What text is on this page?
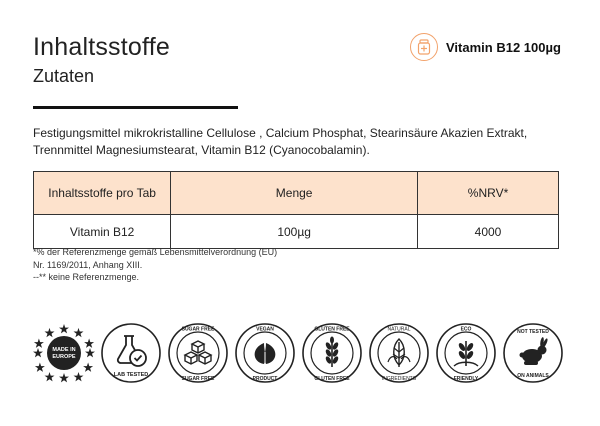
Inhaltsstoffe
Zutaten
Vitamin B12 100µg
Festigungsmittel mikrokristalline Cellulose , Calcium Phosphat, Stearinsäure Akazien Extrakt, Trennmittel Magnesiumstearat, Vitamin B12 (Cyanocobalamin).
Inhaltsstoffe pro Tab	Menge	%NRV*
Vitamin B12	100µg	4000
*% der Referenzmenge gemäß Lebensmittelverordnung (EU)
Nr. 1169/2011, Anhang XIII.
--** keine Referenzmenge.
MADE IN
EUROPE
LAB TESTED
SUGAR FREE
SUGAR FREE
VEGAN
PRODUCT
GLUTEN FREE
GLUTEN FREE
NATURAL
INGREDIENTS
ECO
FRIENDLY
NOT TESTED
ON ANIMALS
